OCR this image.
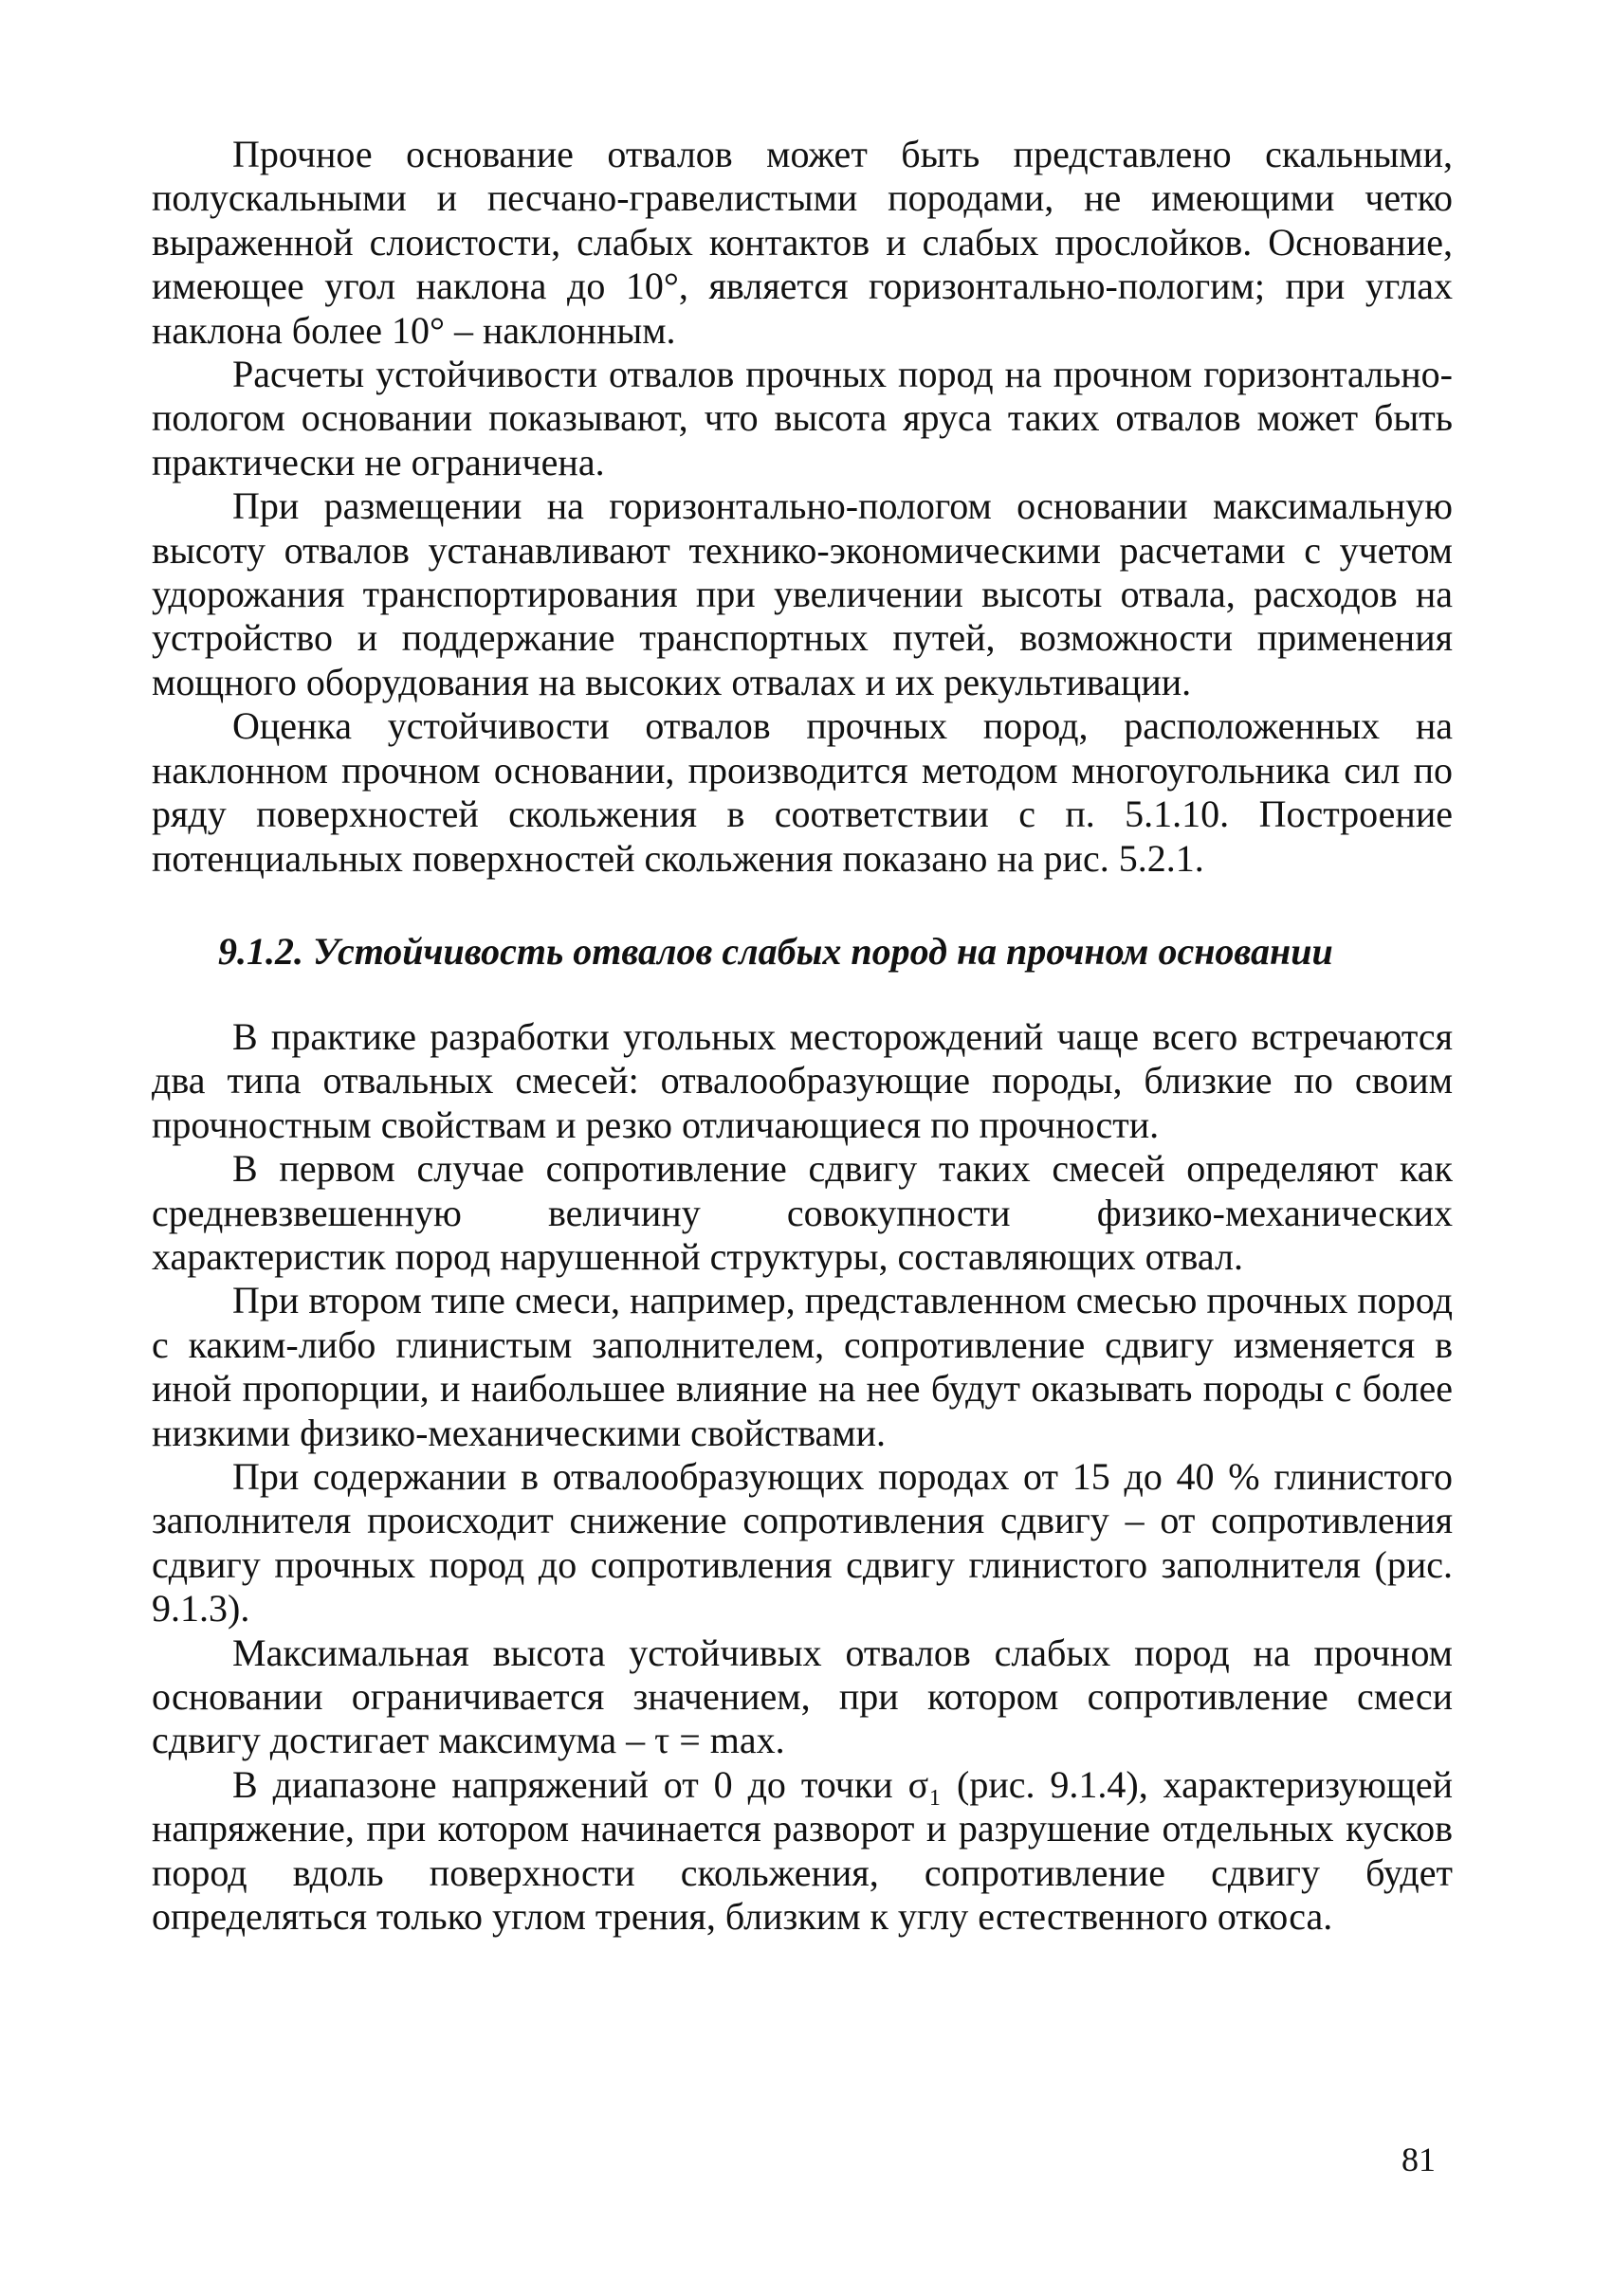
Прочное основание отвалов может быть представлено скальными, полускальными и песчано-гравелистыми породами, не имеющими четко выраженной слоистости, слабых контактов и слабых прослойков. Основание, имеющее угол наклона до 10°, является горизонтально-пологим; при углах наклона более 10° – наклонным.

Расчеты устойчивости отвалов прочных пород на прочном горизонтально-пологом основании показывают, что высота яруса таких отвалов может быть практически не ограничена.

При размещении на горизонтально-пологом основании максимальную высоту отвалов устанавливают технико-экономическими расчетами с учетом удорожания транспортирования при увеличении высоты отвала, расходов на устройство и поддержание транспортных путей, возможности применения мощного оборудования на высоких отвалах и их рекультивации.

Оценка устойчивости отвалов прочных пород, расположенных на наклонном прочном основании, производится методом многоугольника сил по ряду поверхностей скольжения в соответствии с п. 5.1.10. Построение потенциальных поверхностей скольжения показано на рис. 5.2.1.

9.1.2. Устойчивость отвалов слабых пород на прочном основании

В практике разработки угольных месторождений чаще всего встречаются два типа отвальных смесей: отвалообразующие породы, близкие по своим прочностным свойствам и резко отличающиеся по прочности.

В первом случае сопротивление сдвигу таких смесей определяют как средневзвешенную величину совокупности физико-механических характеристик пород нарушенной структуры, составляющих отвал.

При втором типе смеси, например, представленном смесью прочных пород с каким-либо глинистым заполнителем, сопротивление сдвигу изменяется в иной пропорции, и наибольшее влияние на нее будут оказывать породы с более низкими физико-механическими свойствами.

При содержании в отвалообразующих породах от 15 до 40 % глинистого заполнителя происходит снижение сопротивления сдвигу – от сопротивления сдвигу прочных пород до сопротивления сдвигу глинистого заполнителя (рис. 9.1.3).

Максимальная высота устойчивых отвалов слабых пород на прочном основании ограничивается значением, при котором сопротивление смеси сдвигу достигает максимума – τ = max.

В диапазоне напряжений от 0 до точки σ₁ (рис. 9.1.4), характеризующей напряжение, при котором начинается разворот и разрушение отдельных кусков пород вдоль поверхности скольжения, сопротивление сдвигу будет определяться только углом трения, близким к углу естественного откоса.

81
